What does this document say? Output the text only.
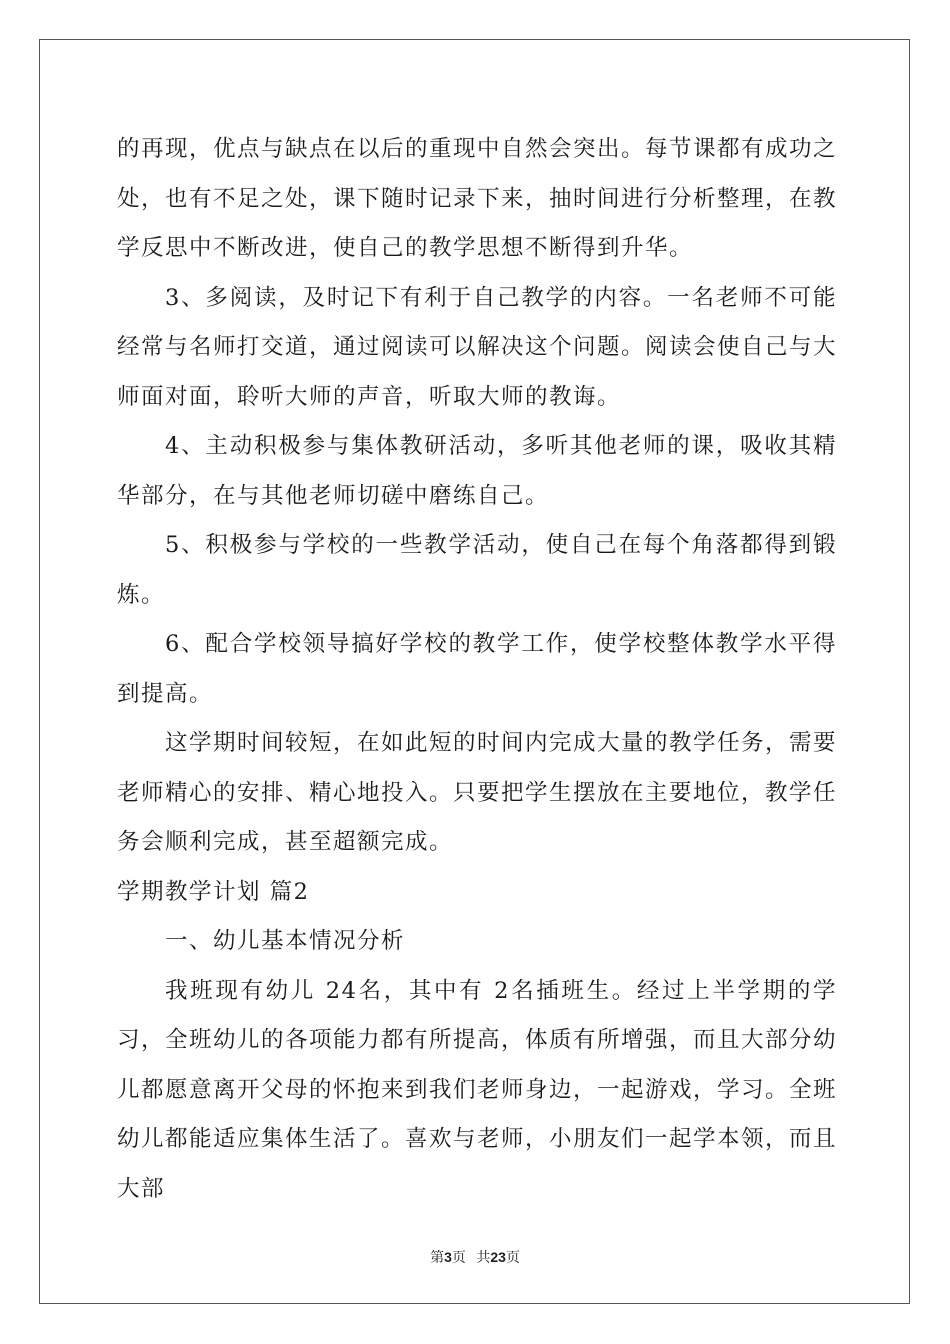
的再现，优点与缺点在以后的重现中自然会突出。每节课都有成功之处，也有不足之处，课下随时记录下来，抽时间进行分析整理，在教学反思中不断改进，使自己的教学思想不断得到升华。

3、多阅读，及时记下有利于自己教学的内容。一名老师不可能经常与名师打交道，通过阅读可以解决这个问题。阅读会使自己与大师面对面，聆听大师的声音，听取大师的教诲。

4、主动积极参与集体教研活动，多听其他老师的课，吸收其精华部分，在与其他老师切磋中磨练自己。

5、积极参与学校的一些教学活动，使自己在每个角落都得到锻炼。

6、配合学校领导搞好学校的教学工作，使学校整体教学水平得到提高。

这学期时间较短，在如此短的时间内完成大量的教学任务，需要老师精心的安排、精心地投入。只要把学生摆放在主要地位，教学任务会顺利完成，甚至超额完成。

学期教学计划 篇2

一、幼儿基本情况分析

我班现有幼儿 24名，其中有 2名插班生。经过上半学期的学习，全班幼儿的各项能力都有所提高，体质有所增强，而且大部分幼儿都愿意离开父母的怀抱来到我们老师身边，一起游戏，学习。全班幼儿都能适应集体生活了。喜欢与老师，小朋友们一起学本领，而且大部

第3页 共23页
